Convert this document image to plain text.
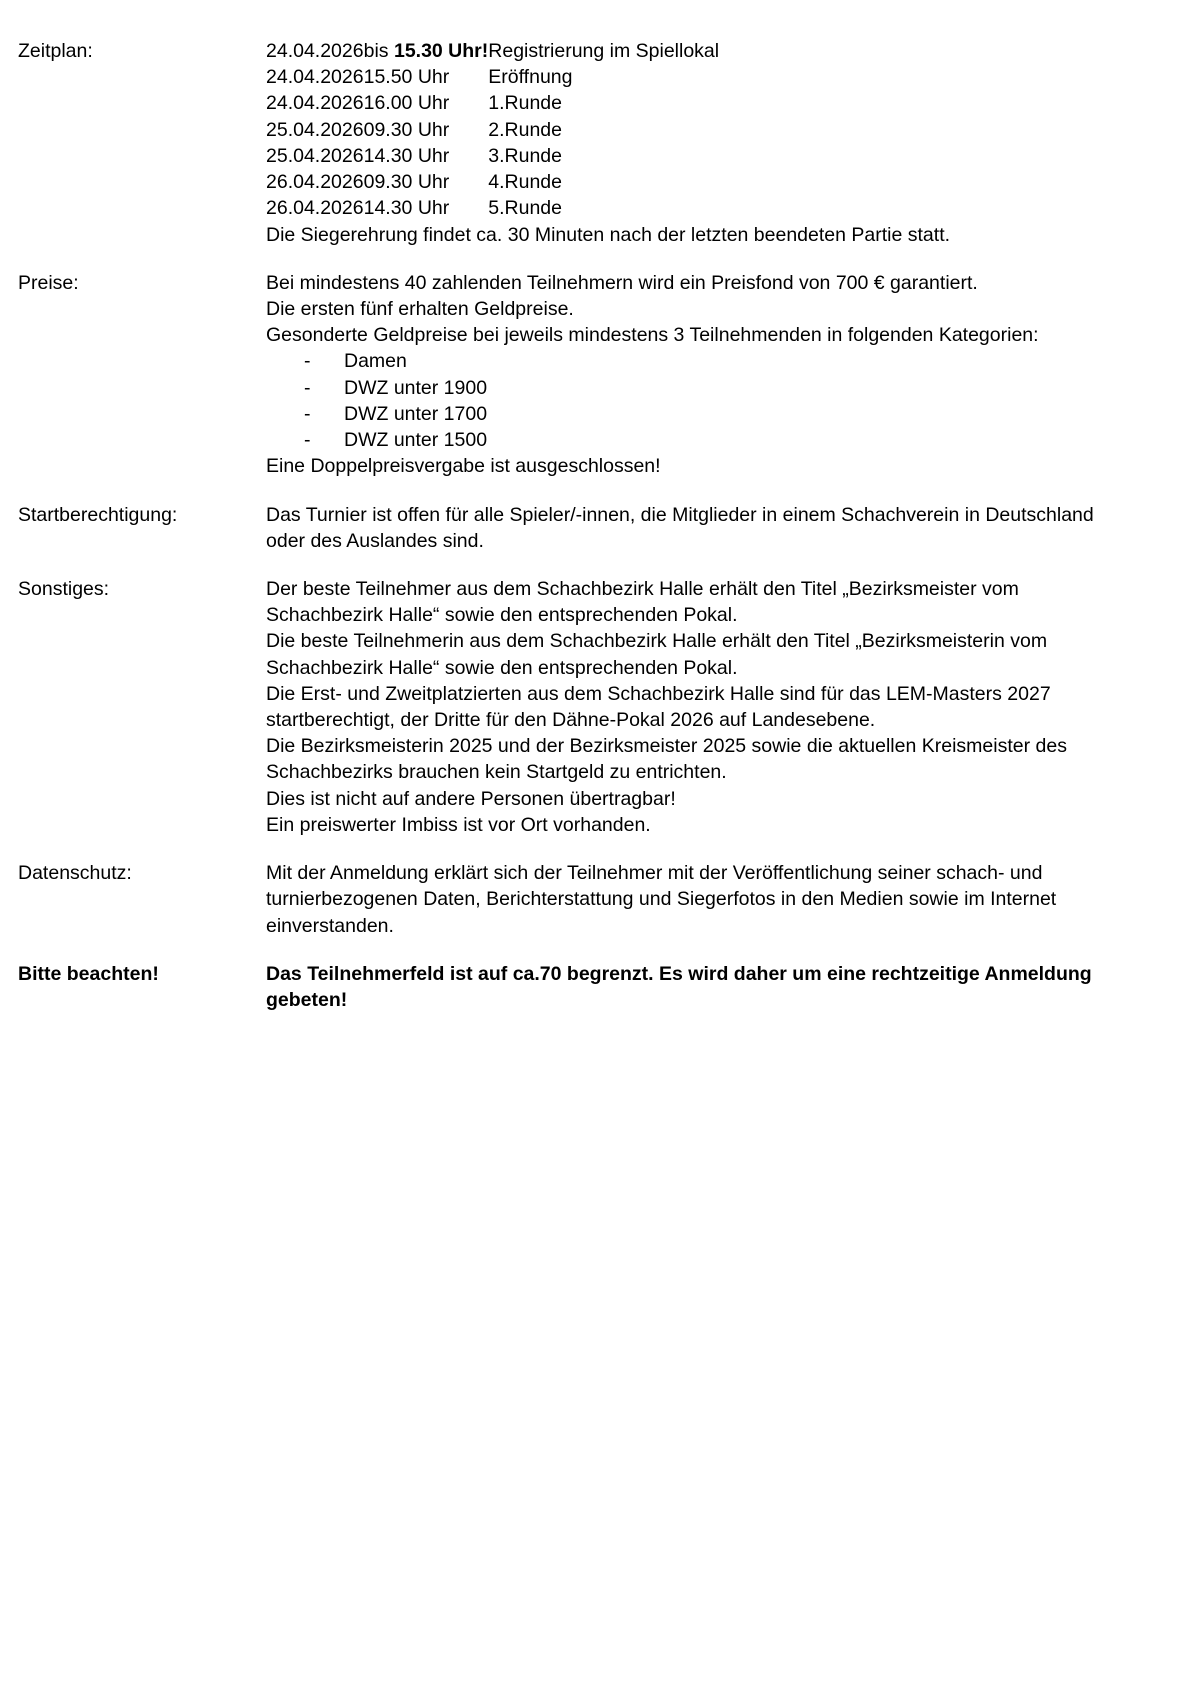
Zeitplan:	24.04.2026	bis 15.30 Uhr!	Registrierung im Spiellokal
24.04.2026	15.50 Uhr	Eröffnung
24.04.2026	16.00 Uhr	1.Runde
25.04.2026	09.30 Uhr	2.Runde
25.04.2026	14.30 Uhr	3.Runde
26.04.2026	09.30 Uhr	4.Runde
26.04.2026	14.30 Uhr	5.Runde
Die Siegerehrung findet ca. 30 Minuten nach der letzten beendeten Partie statt.
Preise:	Bei mindestens 40 zahlenden Teilnehmern wird ein Preisfond von 700 € garantiert.
Die ersten fünf erhalten Geldpreise.
Gesonderte Geldpreise bei jeweils mindestens 3 Teilnehmenden in folgenden Kategorien:
-	Damen
-	DWZ unter 1900
-	DWZ unter 1700
-	DWZ unter 1500
Eine Doppelpreisvergabe ist ausgeschlossen!
Startberechtigung:	Das Turnier ist offen für alle Spieler/-innen, die Mitglieder in einem Schachverein in Deutschland oder des Auslandes sind.
Sonstiges:	Der beste Teilnehmer aus dem Schachbezirk Halle erhält den Titel „Bezirksmeister vom Schachbezirk Halle“ sowie den entsprechenden Pokal.
Die beste Teilnehmerin aus dem Schachbezirk Halle erhält den Titel „Bezirksmeisterin vom Schachbezirk Halle“ sowie den entsprechenden Pokal.
Die Erst- und Zweitplatzierten aus dem Schachbezirk Halle sind für das LEM-Masters 2027 startberechtigt, der Dritte für den Dähne-Pokal 2026 auf Landesebene.
Die Bezirksmeisterin 2025 und der Bezirksmeister 2025 sowie die aktuellen Kreismeister des Schachbezirks brauchen kein Startgeld zu entrichten.
Dies ist nicht auf andere Personen übertragbar!
Ein preiswerter Imbiss ist vor Ort vorhanden.
Datenschutz:	Mit der Anmeldung erklärt sich der Teilnehmer mit der Veröffentlichung seiner schach- und turnierbezogenen Daten, Berichterstattung und Siegerfotos in den Medien sowie im Internet einverstanden.
Bitte beachten!	Das Teilnehmerfeld ist auf ca.70 begrenzt. Es wird daher um eine rechtzeitige Anmeldung gebeten!
